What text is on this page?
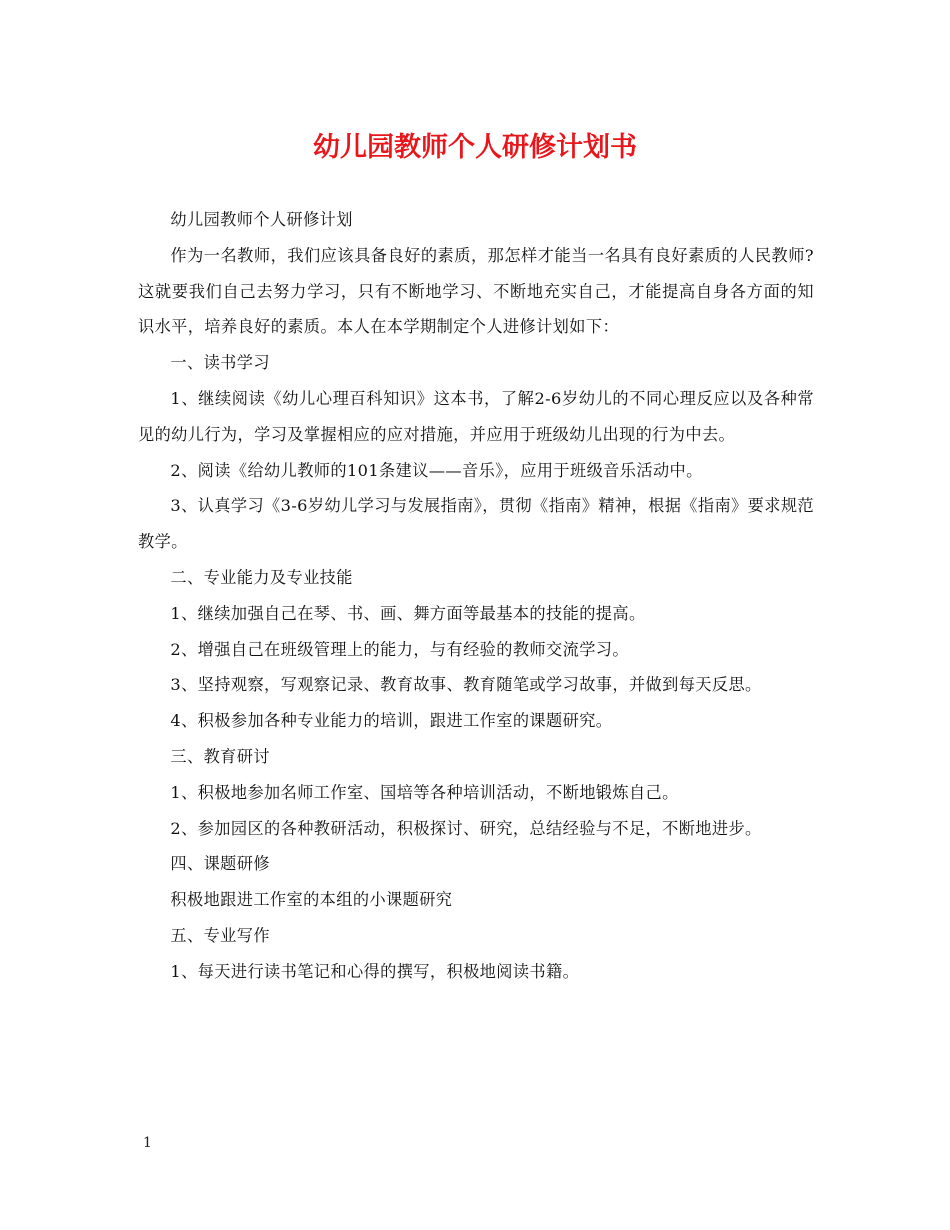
幼儿园教师个人研修计划书

幼儿园教师个人研修计划

作为一名教师，我们应该具备良好的素质，那怎样才能当一名具有良好素质的人民教师?这就要我们自己去努力学习，只有不断地学习、不断地充实自己，才能提高自身各方面的知识水平，培养良好的素质。本人在本学期制定个人进修计划如下：

一、读书学习

1、继续阅读《幼儿心理百科知识》这本书，了解2-6岁幼儿的不同心理反应以及各种常见的幼儿行为，学习及掌握相应的应对措施，并应用于班级幼儿出现的行为中去。

2、阅读《给幼儿教师的101条建议——音乐》，应用于班级音乐活动中。

3、认真学习《3-6岁幼儿学习与发展指南》，贯彻《指南》精神，根据《指南》要求规范教学。

二、专业能力及专业技能

1、继续加强自己在琴、书、画、舞方面等最基本的技能的提高。

2、增强自己在班级管理上的能力，与有经验的教师交流学习。

3、坚持观察，写观察记录、教育故事、教育随笔或学习故事，并做到每天反思。

4、积极参加各种专业能力的培训，跟进工作室的课题研究。

三、教育研讨

1、积极地参加名师工作室、国培等各种培训活动，不断地锻炼自己。

2、参加园区的各种教研活动，积极探讨、研究，总结经验与不足，不断地进步。

四、课题研修

积极地跟进工作室的本组的小课题研究

五、专业写作

1、每天进行读书笔记和心得的撰写，积极地阅读书籍。

1
